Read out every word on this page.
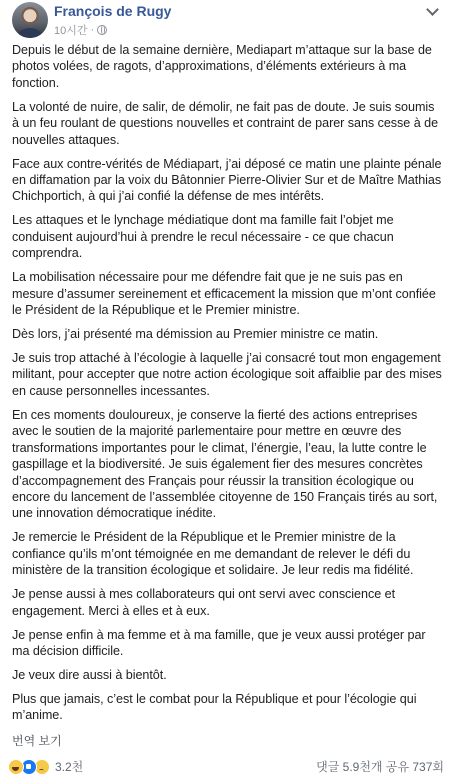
François de Rugy
10시간 ·

Depuis le début de la semaine dernière, Mediapart m’attaque sur la base de photos volées, de ragots, d’approximations, d’éléments extérieurs à ma fonction.

La volonté de nuire, de salir, de démolir, ne fait pas de doute. Je suis soumis à un feu roulant de questions nouvelles et contraint de parer sans cesse à de nouvelles attaques.

Face aux contre-vérités de Médiapart, j’ai déposé ce matin une plainte pénale en diffamation par la voix du Bâtonnier Pierre-Olivier Sur et de Maître Mathias Chichportich, à qui j’ai confié la défense de mes intérêts.

Les attaques et le lynchage médiatique dont ma famille fait l’objet me conduisent aujourd’hui à prendre le recul nécessaire - ce que chacun comprendra.

La mobilisation nécessaire pour me défendre fait que je ne suis pas en mesure d’assumer sereinement et efficacement la mission que m’ont confiée le Président de la République et le Premier ministre.

Dès lors, j’ai présenté ma démission au Premier ministre ce matin.

Je suis trop attaché à l’écologie à laquelle j’ai consacré tout mon engagement militant, pour accepter que notre action écologique soit affaiblie par des mises en cause personnelles incessantes.

En ces moments douloureux, je conserve la fierté des actions entreprises avec le soutien de la majorité parlementaire pour mettre en œuvre des transformations importantes pour le climat, l’énergie, l’eau, la lutte contre le gaspillage et la biodiversité. Je suis également fier des mesures concrètes d’accompagnement des Français pour réussir la transition écologique ou encore du lancement de l’assemblée citoyenne de 150 Français tirés au sort, une innovation démocratique inédite.

Je remercie le Président de la République et le Premier ministre de la confiance qu’ils m’ont témoignée en me demandant de relever le défi du ministère de la transition écologique et solidaire. Je leur redis ma fidélité.

Je pense aussi à mes collaborateurs qui ont servi avec conscience et engagement. Merci à elles et à eux.

Je pense enfin à ma femme et à ma famille, que je veux aussi protéger par ma décision difficile.

Je veux dire aussi à bientôt.

Plus que jamais, c’est le combat pour la République et pour l’écologie qui m’anime.

번역 보기
3.2천	댓글 5.9천개 공유 737회
